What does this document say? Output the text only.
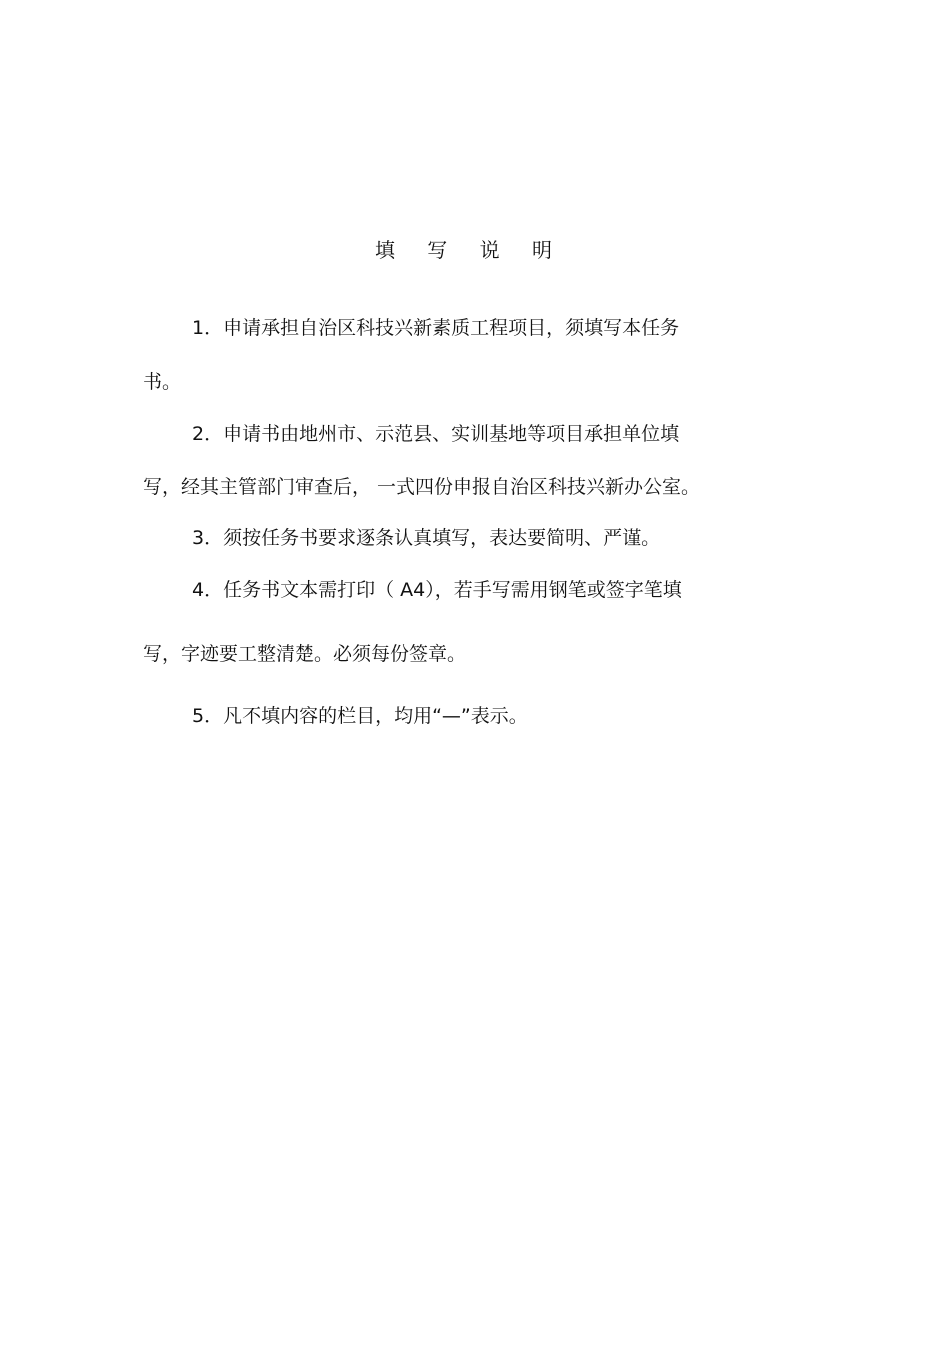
填 写 说 明
1．申请承担自治区科技兴新素质工程项目，须填写本任务
书。
2．申请书由地州市、示范县、实训基地等项目承担单位填
写，经其主管部门审查后， 一式四份申报自治区科技兴新办公室。
3．须按任务书要求逐条认真填写，表达要简明、严谨。
4．任务书文本需打印（ A4），若手写需用钢笔或签字笔填
写，字迹要工整清楚。必须每份签章。
5．凡不填内容的栏目，均用“—”表示。
